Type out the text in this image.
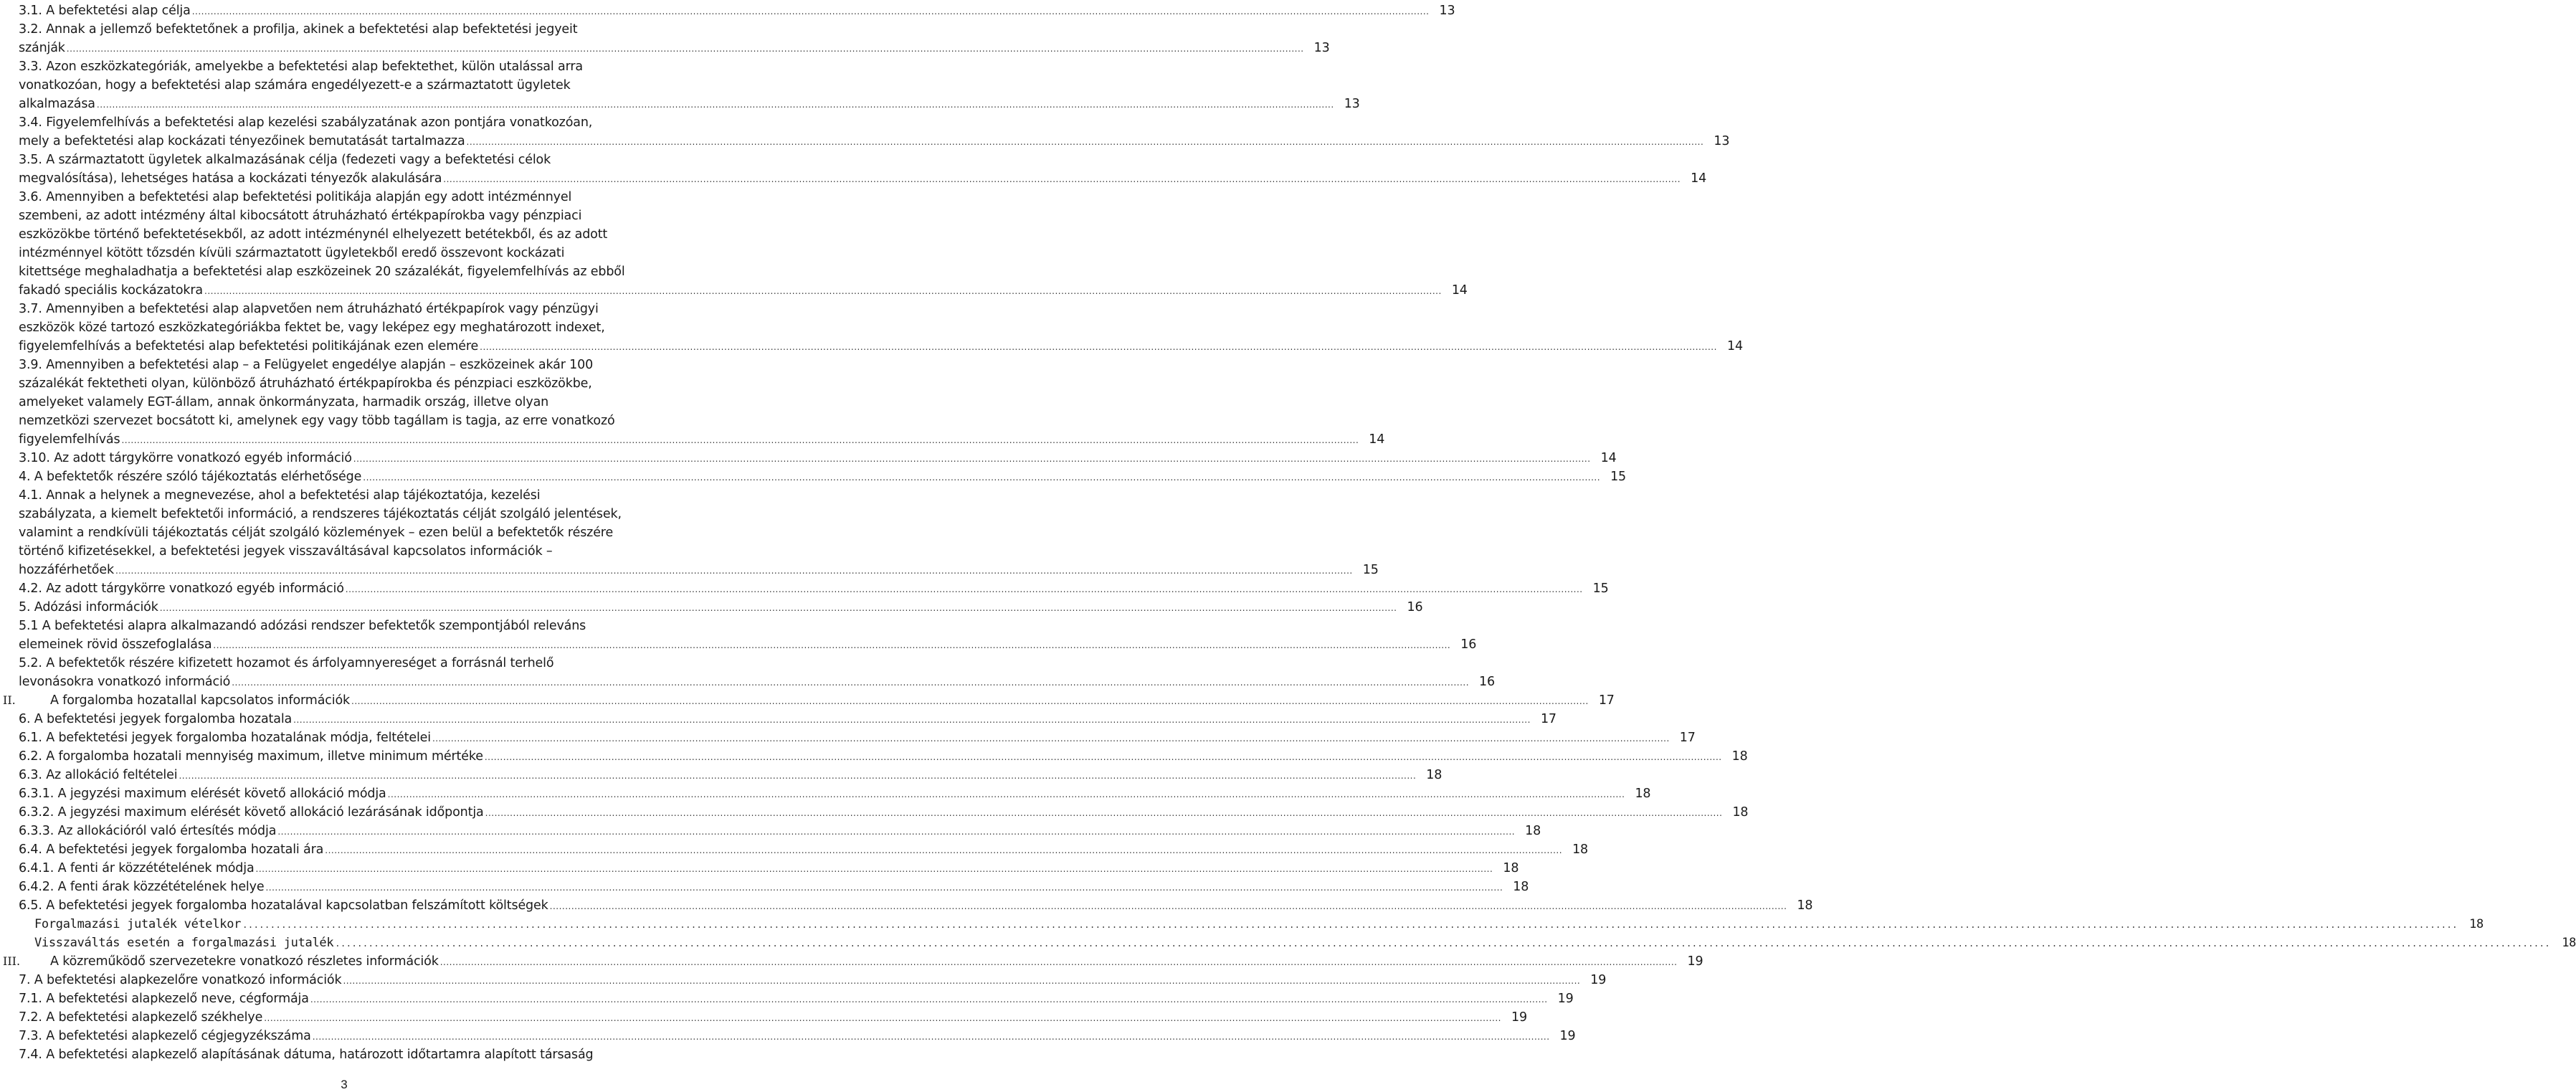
3.1. A befektetési alap célja ................................................................................................................................................................................................................................................................................................................................................................................................................ 13
3.2. Annak a jellemző befektetőnek a profilja, akinek a befektetési alap befektetési jegyeit
szánják ................................................................................................................................................................................................................................................................................................................................................................................................................ 13
3.3. Azon eszközkategóriák, amelyekbe a befektetési alap befektethet, külön utalással arra
vonatkozóan, hogy a befektetési alap számára engedélyezett-e a származtatott ügyletek
alkalmazása ................................................................................................................................................................................................................................................................................................................................................................................................................ 13
3.4. Figyelemfelhívás a befektetési alap kezelési szabályzatának azon pontjára vonatkozóan,
mely a befektetési alap kockázati tényezőinek bemutatását tartalmazza ................................................................................................................................................................................................................................................................................................................................................................................................................ 13
3.5. A származtatott ügyletek alkalmazásának célja (fedezeti vagy a befektetési célok
megvalósítása), lehetséges hatása a kockázati tényezők alakulására ................................................................................................................................................................................................................................................................................................................................................................................................................ 14
3.6. Amennyiben a befektetési alap befektetési politikája alapján egy adott intézménnyel
szembeni, az adott intézmény által kibocsátott átruházható értékpapírokba vagy pénzpiaci
eszközökbe történő befektetésekből, az adott intézménynél elhelyezett betétekből, és az adott
intézménnyel kötött tőzsdén kívüli származtatott ügyletekből eredő összevont kockázati
kitettsége meghaladhatja a befektetési alap eszközeinek 20 százalékát, figyelemfelhívás az ebből
fakadó speciális kockázatokra ................................................................................................................................................................................................................................................................................................................................................................................................................ 14
3.7. Amennyiben a befektetési alap alapvetően nem átruházható értékpapírok vagy pénzügyi
eszközök közé tartozó eszközkategóriákba fektet be, vagy leképez egy meghatározott indexet,
figyelemfelhívás a befektetési alap befektetési politikájának ezen elemére ................................................................................................................................................................................................................................................................................................................................................................................................................ 14
3.9. Amennyiben a befektetési alap – a Felügyelet engedélye alapján – eszközeinek akár 100
százalékát fektetheti olyan, különböző átruházható értékpapírokba és pénzpiaci eszközökbe,
amelyeket valamely EGT-állam, annak önkormányzata, harmadik ország, illetve olyan
nemzetközi szervezet bocsátott ki, amelynek egy vagy több tagállam is tagja, az erre vonatkozó
figyelemfelhívás ................................................................................................................................................................................................................................................................................................................................................................................................................ 14
3.10. Az adott tárgykörre vonatkozó egyéb információ ................................................................................................................................................................................................................................................................................................................................................................................................................ 14
4. A befektetők részére szóló tájékoztatás elérhetősége ................................................................................................................................................................................................................................................................................................................................................................................................................ 15
4.1. Annak a helynek a megnevezése, ahol a befektetési alap tájékoztatója, kezelési
szabályzata, a kiemelt befektetői információ, a rendszeres tájékoztatás célját szolgáló jelentések,
valamint a rendkívüli tájékoztatás célját szolgáló közlemények – ezen belül a befektetők részére
történő kifizetésekkel, a befektetési jegyek visszaváltásával kapcsolatos információk –
hozzáférhetőek ................................................................................................................................................................................................................................................................................................................................................................................................................ 15
4.2. Az adott tárgykörre vonatkozó egyéb információ ................................................................................................................................................................................................................................................................................................................................................................................................................ 15
5. Adózási információk ................................................................................................................................................................................................................................................................................................................................................................................................................ 16
5.1 A befektetési alapra alkalmazandó adózási rendszer befektetők szempontjából releváns
elemeinek rövid összefoglalása ................................................................................................................................................................................................................................................................................................................................................................................................................ 16
5.2. A befektetők részére kifizetett hozamot és árfolyamnyereséget a forrásnál terhelő
levonásokra vonatkozó információ ................................................................................................................................................................................................................................................................................................................................................................................................................ 16
II.	A forgalomba hozatallal kapcsolatos információk ................................................................................................................................................................................................................................................................................................................................................................................................................ 17
6. A befektetési jegyek forgalomba hozatala ................................................................................................................................................................................................................................................................................................................................................................................................................ 17
6.1. A befektetési jegyek forgalomba hozatalának módja, feltételei ................................................................................................................................................................................................................................................................................................................................................................................................................ 17
6.2. A forgalomba hozatali mennyiség maximum, illetve minimum mértéke ................................................................................................................................................................................................................................................................................................................................................................................................................ 18
6.3. Az allokáció feltételei ................................................................................................................................................................................................................................................................................................................................................................................................................ 18
6.3.1. A jegyzési maximum elérését követő allokáció módja ................................................................................................................................................................................................................................................................................................................................................................................................................ 18
6.3.2. A jegyzési maximum elérését követő allokáció lezárásának időpontja ................................................................................................................................................................................................................................................................................................................................................................................................................ 18
6.3.3. Az allokációról való értesítés módja ................................................................................................................................................................................................................................................................................................................................................................................................................ 18
6.4. A befektetési jegyek forgalomba hozatali ára ................................................................................................................................................................................................................................................................................................................................................................................................................ 18
6.4.1. A fenti ár közzétételének módja ................................................................................................................................................................................................................................................................................................................................................................................................................ 18
6.4.2. A fenti árak közzétételének helye ................................................................................................................................................................................................................................................................................................................................................................................................................ 18
6.5. A befektetési jegyek forgalomba hozatalával kapcsolatban felszámított költségek ................................................................................................................................................................................................................................................................................................................................................................................................................ 18
Forgalmazási jutalék vételkor ................................................................................................................................................................................................................................................................................................................................................................................................................ 18
Visszaváltás esetén a forgalmazási jutalék ................................................................................................................................................................................................................................................................................................................................................................................................................ 18
III.	A közreműködő szervezetekre vonatkozó részletes információk ................................................................................................................................................................................................................................................................................................................................................................................................................ 19
7. A befektetési alapkezelőre vonatkozó információk ................................................................................................................................................................................................................................................................................................................................................................................................................ 19
7.1. A befektetési alapkezelő neve, cégformája ................................................................................................................................................................................................................................................................................................................................................................................................................ 19
7.2. A befektetési alapkezelő székhelye ................................................................................................................................................................................................................................................................................................................................................................................................................ 19
7.3. A befektetési alapkezelő cégjegyzékszáma ................................................................................................................................................................................................................................................................................................................................................................................................................ 19
7.4. A befektetési alapkezelő alapításának dátuma, határozott időtartamra alapított társaság
3
